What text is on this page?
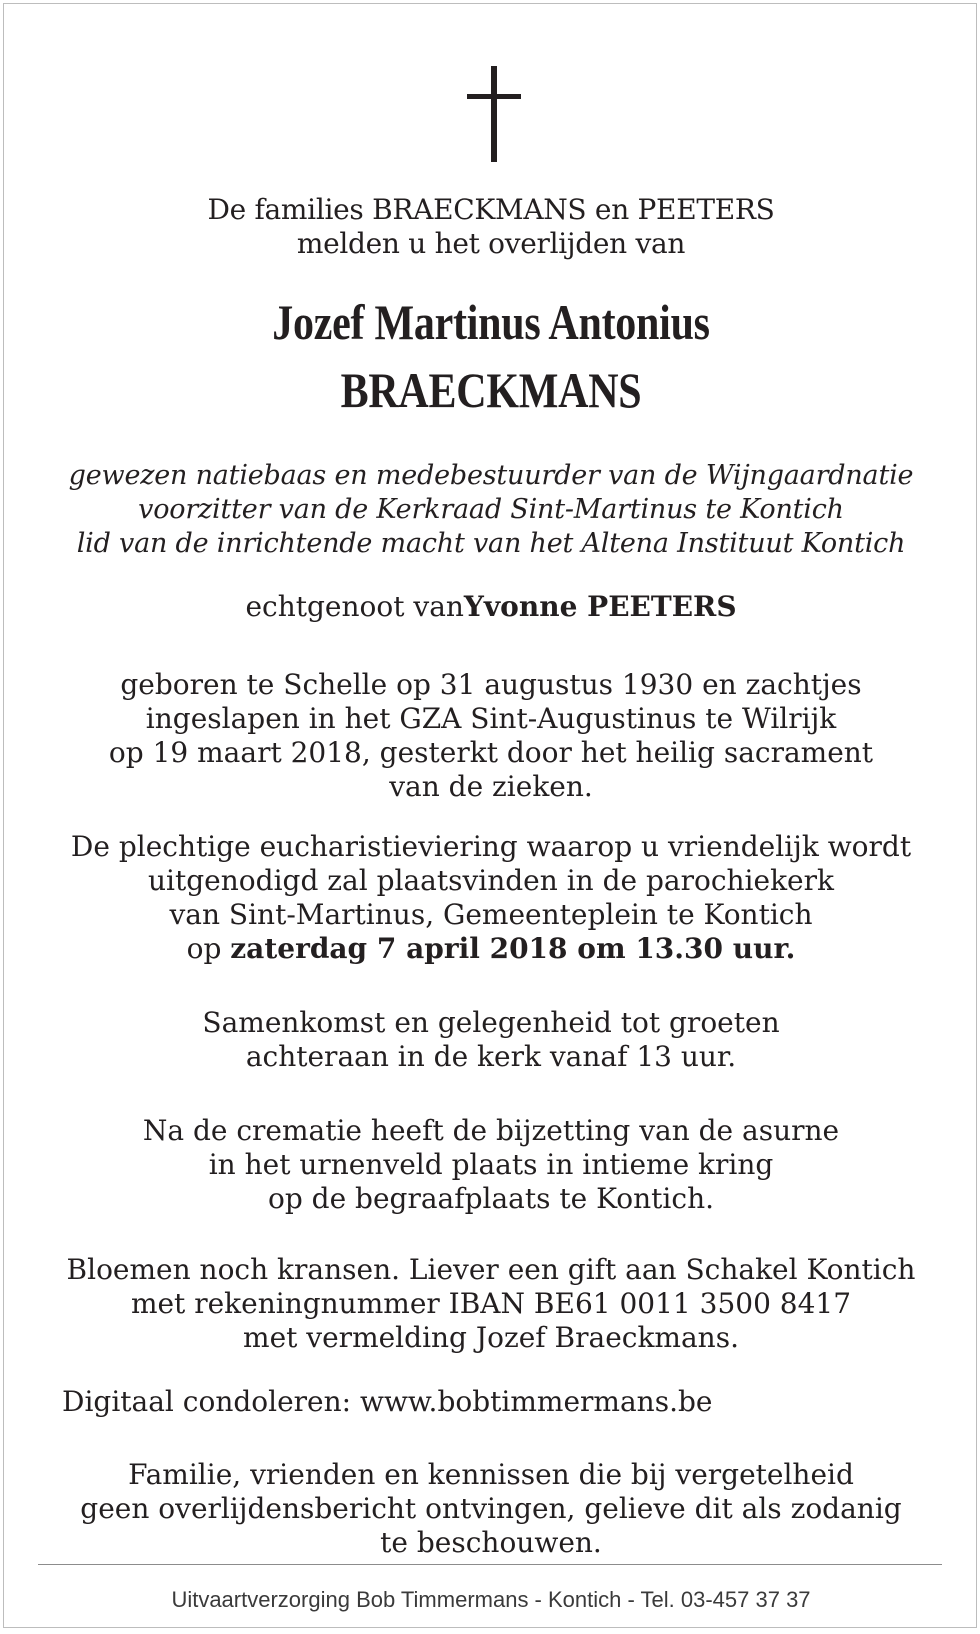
De families BRAECKMANS en PEETERS
melden u het overlijden van
Jozef Martinus Antonius
BRAECKMANS
gewezen natiebaas en medebestuurder van de Wijngaardnatie
voorzitter van de Kerkraad Sint-Martinus te Kontich
lid van de inrichtende macht van het Altena Instituut Kontich
echtgenoot vanYvonne PEETERS
geboren te Schelle op 31 augustus 1930 en zachtjes
ingeslapen in het GZA Sint-Augustinus te Wilrijk
op 19 maart 2018, gesterkt door het heilig sacrament
van de zieken.
De plechtige eucharistieviering waarop u vriendelijk wordt
uitgenodigd zal plaatsvinden in de parochiekerk
van Sint-Martinus, Gemeenteplein te Kontich
op zaterdag 7 april 2018 om 13.30 uur.
Samenkomst en gelegenheid tot groeten
achteraan in de kerk vanaf 13 uur.
Na de crematie heeft de bijzetting van de asurne
in het urnenveld plaats in intieme kring
op de begraafplaats te Kontich.
Bloemen noch kransen. Liever een gift aan Schakel Kontich
met rekeningnummer IBAN BE61 0011 3500 8417
met vermelding Jozef Braeckmans.
Digitaal condoleren: www.bobtimmermans.be
Familie, vrienden en kennissen die bij vergetelheid
geen overlijdensbericht ontvingen, gelieve dit als zodanig
te beschouwen.
Uitvaartverzorging Bob Timmermans - Kontich - Tel. 03-457 37 37
